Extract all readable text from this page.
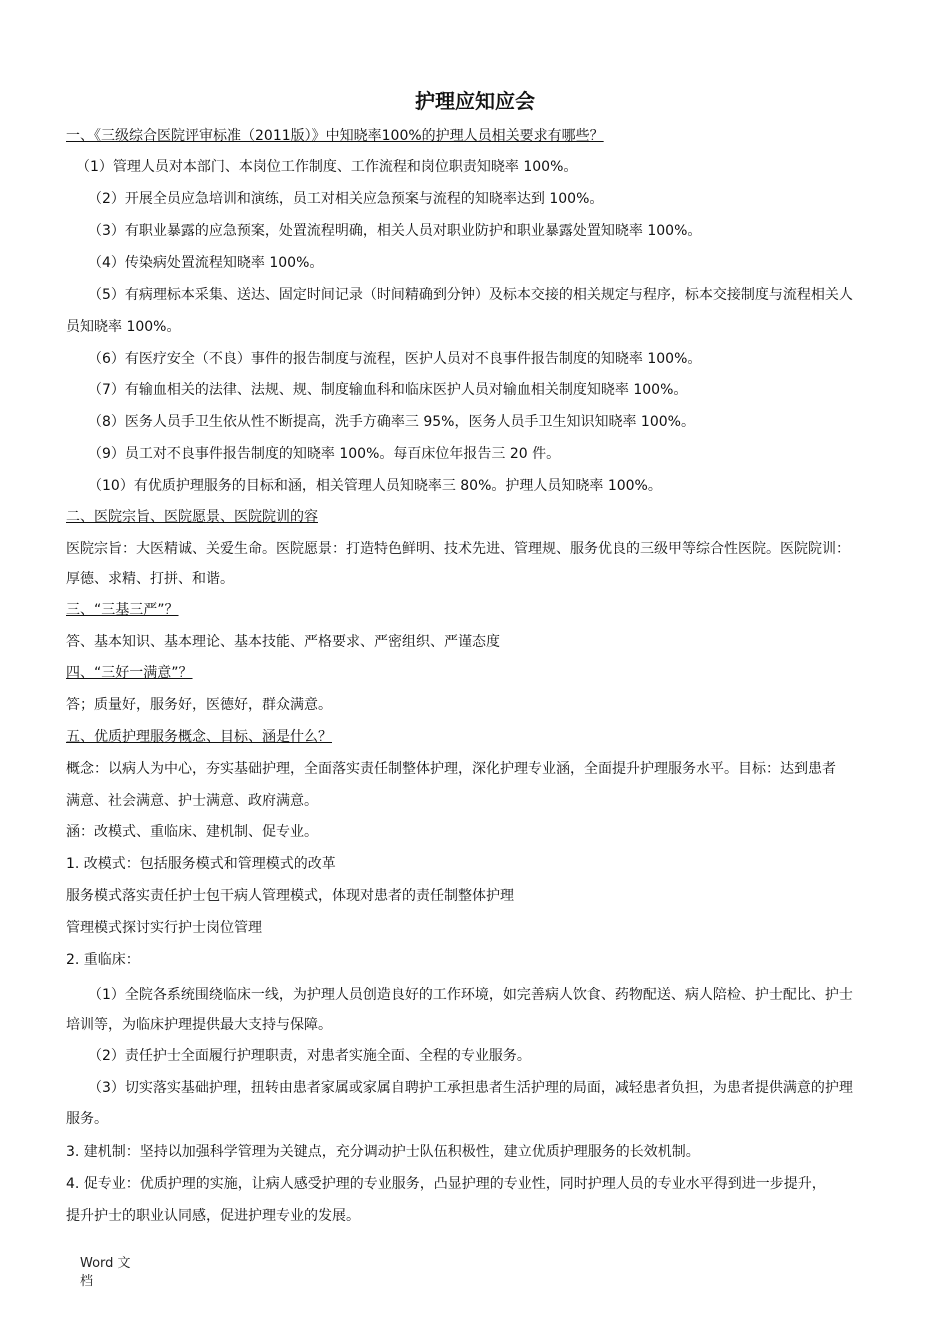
护理应知应会
一、《三级综合医院评审标准（2011版）》中知晓率100%的护理人员相关要求有哪些？
（1）管理人员对本部门、本岗位工作制度、工作流程和岗位职责知晓率 100%。
（2）开展全员应急培训和演练，员工对相关应急预案与流程的知晓率达到 100%。
（3）有职业暴露的应急预案，处置流程明确，相关人员对职业防护和职业暴露处置知晓率 100%。
（4）传染病处置流程知晓率 100%。
（5）有病理标本采集、送达、固定时间记录（时间精确到分钟）及标本交接的相关规定与程序，标本交接制度与流程相关人
员知晓率 100%。
（6）有医疗安全（不良）事件的报告制度与流程，医护人员对不良事件报告制度的知晓率 100%。
（7）有输血相关的法律、法规、规、制度输血科和临床医护人员对输血相关制度知晓率 100%。
（8）医务人员手卫生依从性不断提高，洗手方确率三 95%，医务人员手卫生知识知晓率 100%。
（9）员工对不良事件报告制度的知晓率 100%。每百床位年报告三 20 件。
（10）有优质护理服务的目标和涵，相关管理人员知晓率三 80%。护理人员知晓率 100%。
二、医院宗旨、医院愿景、医院院训的容
医院宗旨：大医精诚、关爱生命。医院愿景：打造特色鲜明、技术先进、管理规、服务优良的三级甲等综合性医院。医院院训：
厚德、求精、打拼、和谐。
三、“三基三严”？
答、基本知识、基本理论、基本技能、严格要求、严密组织、严谨态度
四、“三好一满意”？
答；质量好，服务好，医德好，群众满意。
五、优质护理服务概念、目标、涵是什么？
概念：以病人为中心，夯实基础护理，全面落实责任制整体护理，深化护理专业涵，全面提升护理服务水平。目标：达到患者
满意、社会满意、护士满意、政府满意。
涵：改模式、重临床、建机制、促专业。
1. 改模式：包括服务模式和管理模式的改革
服务模式落实责任护士包干病人管理模式，体现对患者的责任制整体护理
管理模式探讨实行护士岗位管理
2. 重临床：
（1）全院各系统围绕临床一线，为护理人员创造良好的工作环境，如完善病人饮食、药物配送、病人陪检、护士配比、护士
培训等，为临床护理提供最大支持与保障。
（2）责任护士全面履行护理职责，对患者实施全面、全程的专业服务。
（3）切实落实基础护理，扭转由患者家属或家属自聘护工承担患者生活护理的局面，减轻患者负担，为患者提供满意的护理
服务。
3. 建机制：坚持以加强科学管理为关键点，充分调动护士队伍积极性，建立优质护理服务的长效机制。
4. 促专业：优质护理的实施，让病人感受护理的专业服务，凸显护理的专业性，同时护理人员的专业水平得到进一步提升，
提升护士的职业认同感，促进护理专业的发展。
Word 文
档
